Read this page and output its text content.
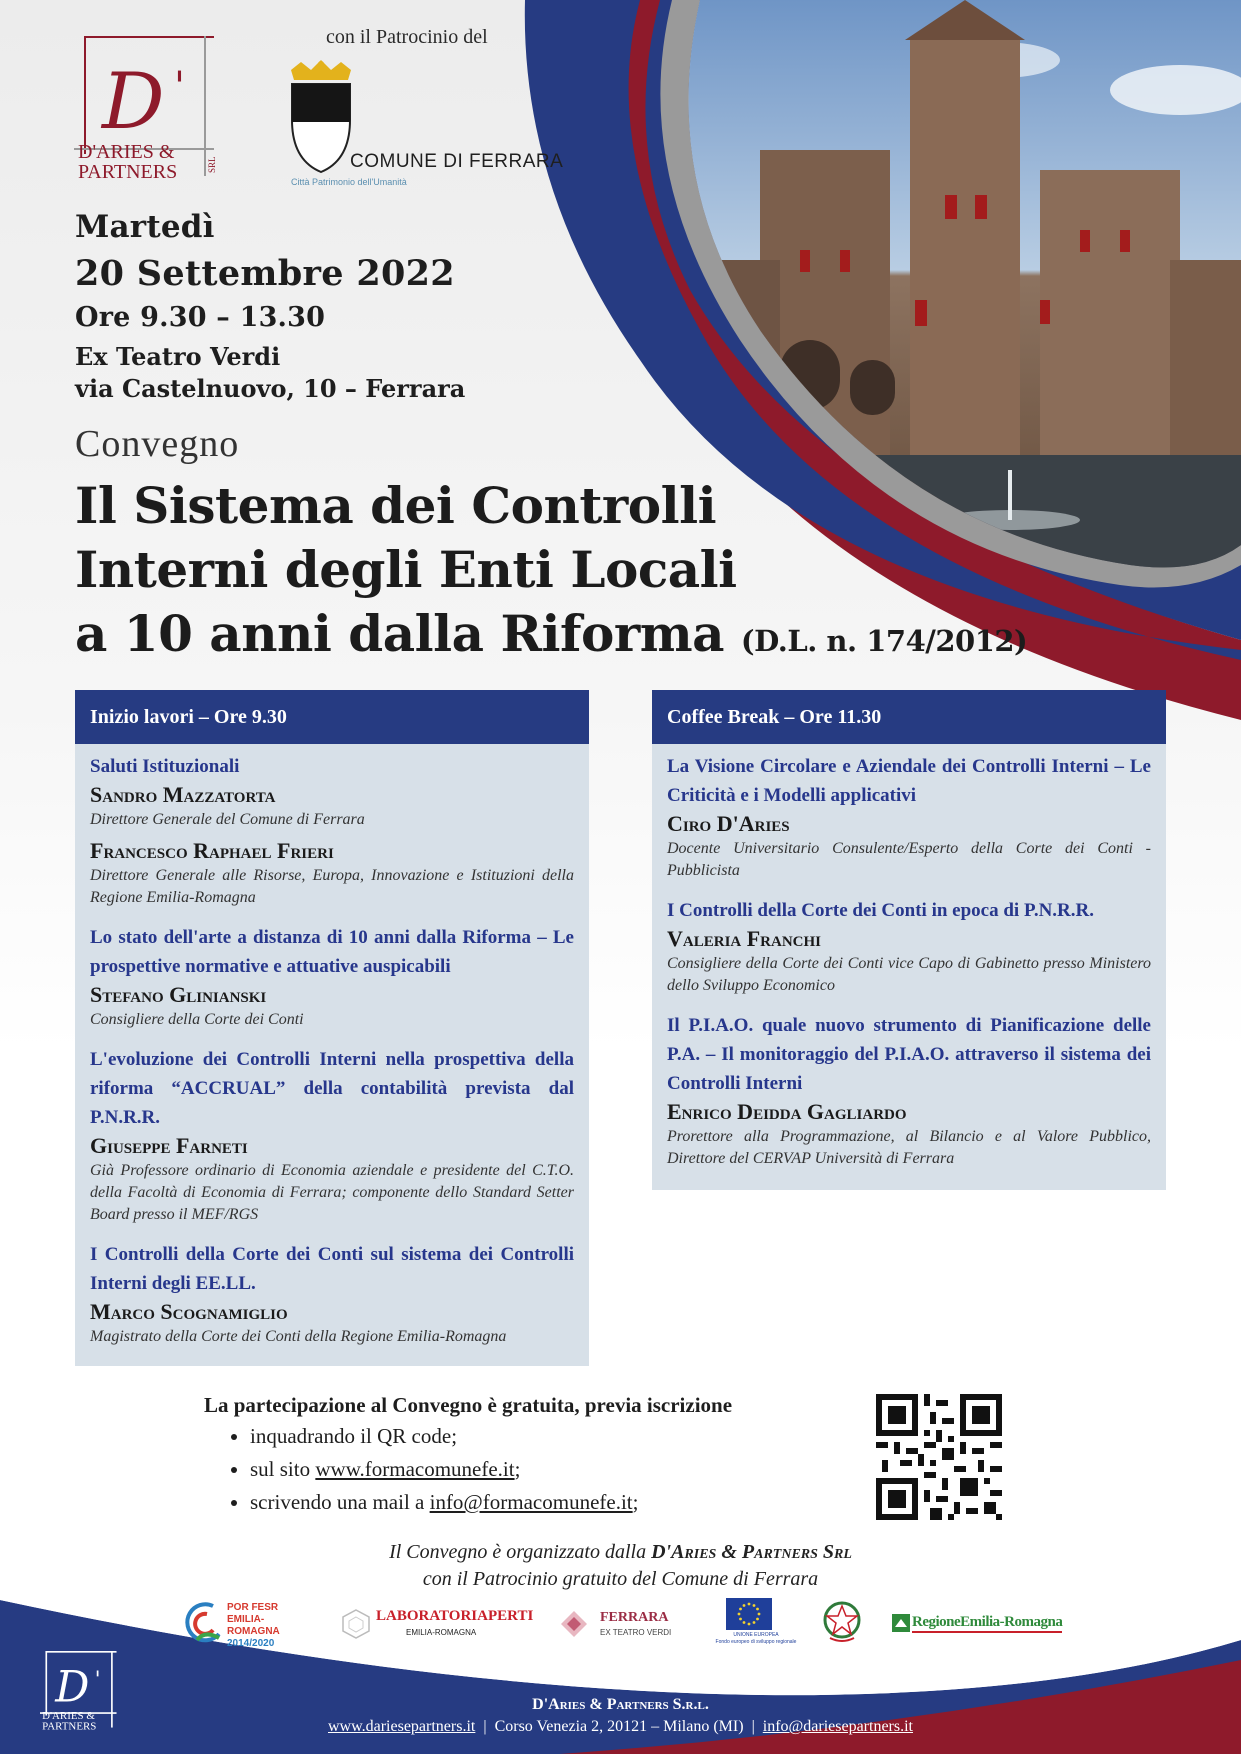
D '
D'ARIES &
PARTNERS	SRL
con il Patrocinio del
COMUNE DI FERRARA
Città Patrimonio dell'Umanità
Martedì
20 Settembre 2022
Ore 9.30 – 13.30
Ex Teatro Verdi
via Castelnuovo, 10 – Ferrara
Convegno
Il Sistema dei Controlli
Interni degli Enti Locali
a 10 anni dalla Riforma (D.L. n. 174/2012)
Inizio lavori – Ore 9.30
Saluti Istituzionali
Sandro Mazzatorta
Direttore Generale del Comune di Ferrara
Francesco Raphael Frieri
Direttore Generale alle Risorse, Europa, Innovazione e Istituzioni della Regione Emilia-Romagna
Lo stato dell'arte a distanza di 10 anni dalla Riforma – Le prospettive normative e attuative auspicabili
Stefano Glinianski
Consigliere della Corte dei Conti
L'evoluzione dei Controlli Interni nella prospettiva della riforma “ACCRUAL” della contabilità prevista dal P.N.R.R.
Giuseppe Farneti
Già Professore ordinario di Economia aziendale e presidente del C.T.O. della Facoltà di Economia di Ferrara; componente dello Standard Setter Board presso il MEF/RGS
I Controlli della Corte dei Conti sul sistema dei Controlli Interni degli EE.LL.
Marco Scognamiglio
Magistrato della Corte dei Conti della Regione Emilia-Romagna
Coffee Break – Ore 11.30
La Visione Circolare e Aziendale dei Controlli Interni – Le Criticità e i Modelli applicativi
Ciro D'Aries
Docente Universitario Consulente/Esperto della Corte dei Conti - Pubblicista
I Controlli della Corte dei Conti in epoca di P.N.R.R.
Valeria Franchi
Consigliere della Corte dei Conti vice Capo di Gabinetto presso Ministero dello Sviluppo Economico
Il P.I.A.O. quale nuovo strumento di Pianificazione delle P.A. – Il monitoraggio del P.I.A.O. attraverso il sistema dei Controlli Interni
Enrico Deidda Gagliardo
Prorettore alla Programmazione, al Bilancio e al Valore Pubblico, Direttore del CERVAP Università di Ferrara
La partecipazione al Convegno è gratuita, previa iscrizione
• inquadrando il QR code;
• sul sito www.formacomunefe.it;
• scrivendo una mail a info@formacomunefe.it;
Il Convegno è organizzato dalla D'Aries & Partners Srl
con il Patrocinio gratuito del Comune di Ferrara
POR FESR
EMILIA-ROMAGNA
2014/2020
LABORATORIAPERTI
EMILIA-ROMAGNA
FERRARA
EX TEATRO VERDI	UNIONE EUROPEA
Fondo europeo di sviluppo regionale
RegioneEmilia-Romagna
D '
D'ARIES &
PARTNERS
D'Aries & Partners S.r.l.
www.dariesepartners.it  |  Corso Venezia 2, 20121 – Milano (MI)  |  info@dariesepartners.it
